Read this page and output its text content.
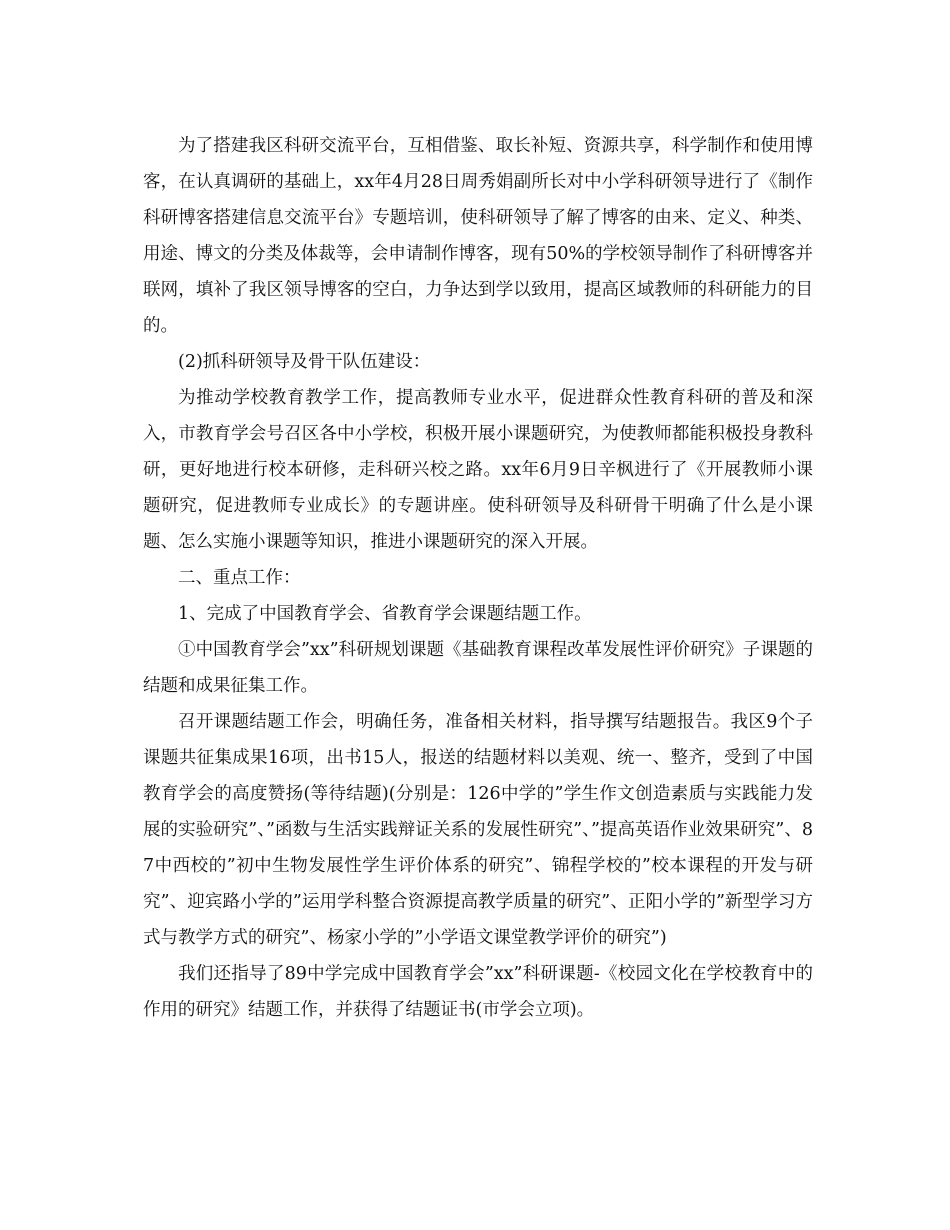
为了搭建我区科研交流平台，互相借鉴、取长补短、资源共享，科学制作和使用博客，在认真调研的基础上，xx年4月28日周秀娟副所长对中小学科研领导进行了《制作科研博客搭建信息交流平台》专题培训，使科研领导了解了博客的由来、定义、种类、用途、博文的分类及体裁等，会申请制作博客，现有50%的学校领导制作了科研博客并联网，填补了我区领导博客的空白，力争达到学以致用，提高区域教师的科研能力的目的。

(2)抓科研领导及骨干队伍建设：

为推动学校教育教学工作，提高教师专业水平，促进群众性教育科研的普及和深入，市教育学会号召区各中小学校，积极开展小课题研究，为使教师都能积极投身教科研，更好地进行校本研修，走科研兴校之路。xx年6月9日辛枫进行了《开展教师小课题研究，促进教师专业成长》的专题讲座。使科研领导及科研骨干明确了什么是小课题、怎么实施小课题等知识，推进小课题研究的深入开展。

二、重点工作：

1、完成了中国教育学会、省教育学会课题结题工作。

①中国教育学会”xx”科研规划课题《基础教育课程改革发展性评价研究》子课题的结题和成果征集工作。

召开课题结题工作会，明确任务，准备相关材料，指导撰写结题报告。我区9个子课题共征集成果16项，出书15人，报送的结题材料以美观、统一、整齐，受到了中国教育学会的高度赞扬(等待结题)(分别是：126中学的”学生作文创造素质与实践能力发展的实验研究”、”函数与生活实践辩证关系的发展性研究”、”提高英语作业效果研究”、87中西校的”初中生物发展性学生评价体系的研究”、锦程学校的”校本课程的开发与研究”、迎宾路小学的”运用学科整合资源提高教学质量的研究”、正阳小学的”新型学习方式与教学方式的研究”、杨家小学的”小学语文课堂教学评价的研究”)

我们还指导了89中学完成中国教育学会”xx”科研课题-《校园文化在学校教育中的作用的研究》结题工作，并获得了结题证书(市学会立项)。
